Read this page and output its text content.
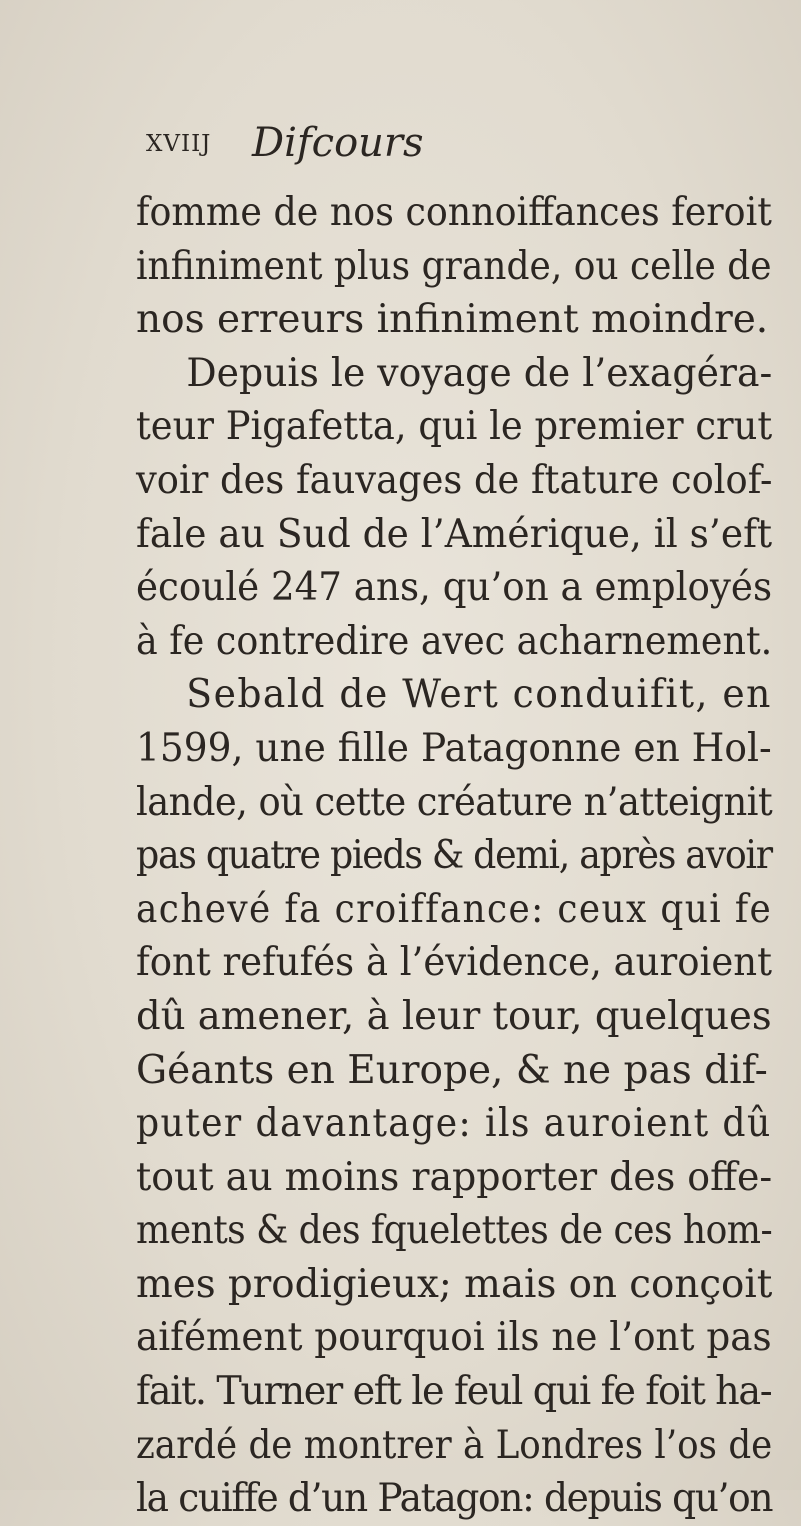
xviij Difcours
fomme de nos connoiffances feroit
infiniment plus grande, ou celle de
nos erreurs infiniment moindre.
Depuis le voyage de l’exagéra-
teur Pigafetta, qui le premier crut
voir des fauvages de ftature colof-
fale au Sud de l’Amérique, il s’eft
écoulé 247 ans, qu’on a employés
à fe contredire avec acharnement.
Sebald de Wert conduifit, en
1599, une fille Patagonne en Hol-
lande, où cette créature n’atteignit
pas quatre pieds & demi, après avoir
achevé fa croiffance: ceux qui fe
font refufés à l’évidence, auroient
dû amener, à leur tour, quelques
Géants en Europe, & ne pas dif-
puter davantage: ils auroient dû
tout au moins rapporter des offe-
ments & des fquelettes de ces hom-
mes prodigieux; mais on conçoit
aifément pourquoi ils ne l’ont pas
fait. Turner eft le feul qui fe foit ha-
zardé de montrer à Londres l’os de
la cuiffe d’un Patagon: depuis qu’on
